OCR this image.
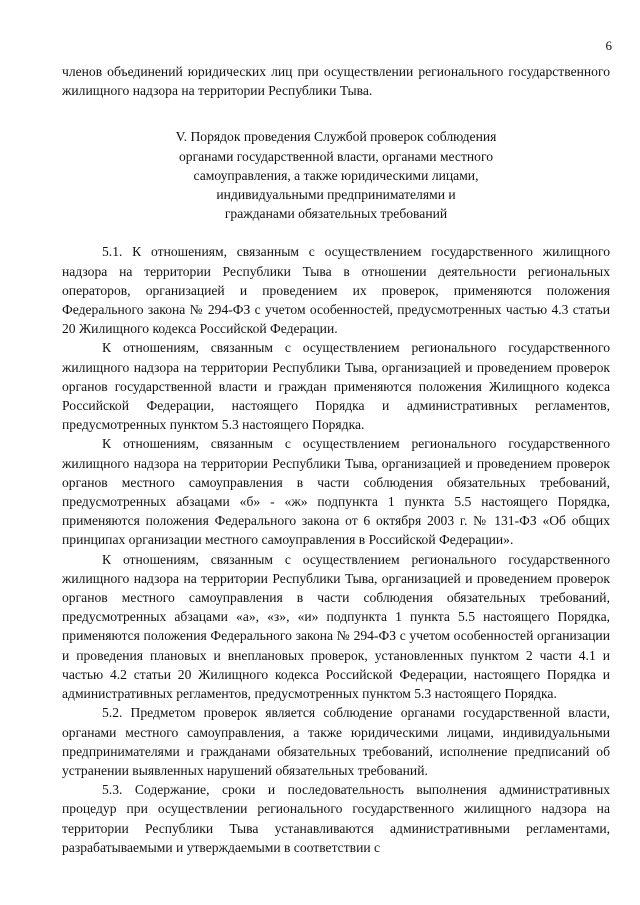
6

членов объединений юридических лиц при осуществлении регионального государственного жилищного надзора на территории Республики Тыва.

V. Порядок проведения Службой проверок соблюдения
органами государственной власти, органами местного
самоуправления, а также юридическими лицами,
индивидуальными предпринимателями и
гражданами обязательных требований

5.1. К отношениям, связанным с осуществлением государственного жилищного надзора на территории Республики Тыва в отношении деятельности региональных операторов, организацией и проведением их проверок, применяются положения Федерального закона № 294-ФЗ с учетом особенностей, предусмотренных частью 4.3 статьи 20 Жилищного кодекса Российской Федерации.

К отношениям, связанным с осуществлением регионального государственного жилищного надзора на территории Республики Тыва, организацией и проведением проверок органов государственной власти и граждан применяются положения Жилищного кодекса Российской Федерации, настоящего Порядка и административных регламентов, предусмотренных пунктом 5.3 настоящего Порядка.

К отношениям, связанным с осуществлением регионального государственного жилищного надзора на территории Республики Тыва, организацией и проведением проверок органов местного самоуправления в части соблюдения обязательных требований, предусмотренных абзацами «б» - «ж» подпункта 1 пункта 5.5 настоящего Порядка, применяются положения Федерального закона от 6 октября 2003 г. № 131-ФЗ «Об общих принципах организации местного самоуправления в Российской Федерации».

К отношениям, связанным с осуществлением регионального государственного жилищного надзора на территории Республики Тыва, организацией и проведением проверок органов местного самоуправления в части соблюдения обязательных требований, предусмотренных абзацами «а», «з», «и» подпункта 1 пункта 5.5 настоящего Порядка, применяются положения Федерального закона № 294-ФЗ с учетом особенностей организации и проведения плановых и внеплановых проверок, установленных пунктом 2 части 4.1 и частью 4.2 статьи 20 Жилищного кодекса Российской Федерации, настоящего Порядка и административных регламентов, предусмотренных пунктом 5.3 настоящего Порядка.

5.2. Предметом проверок является соблюдение органами государственной власти, органами местного самоуправления, а также юридическими лицами, индивидуальными предпринимателями и гражданами обязательных требований, исполнение предписаний об устранении выявленных нарушений обязательных требований.

5.3. Содержание, сроки и последовательность выполнения административных процедур при осуществлении регионального государственного жилищного надзора на территории Республики Тыва устанавливаются административными регламентами, разрабатываемыми и утверждаемыми в соответствии с
